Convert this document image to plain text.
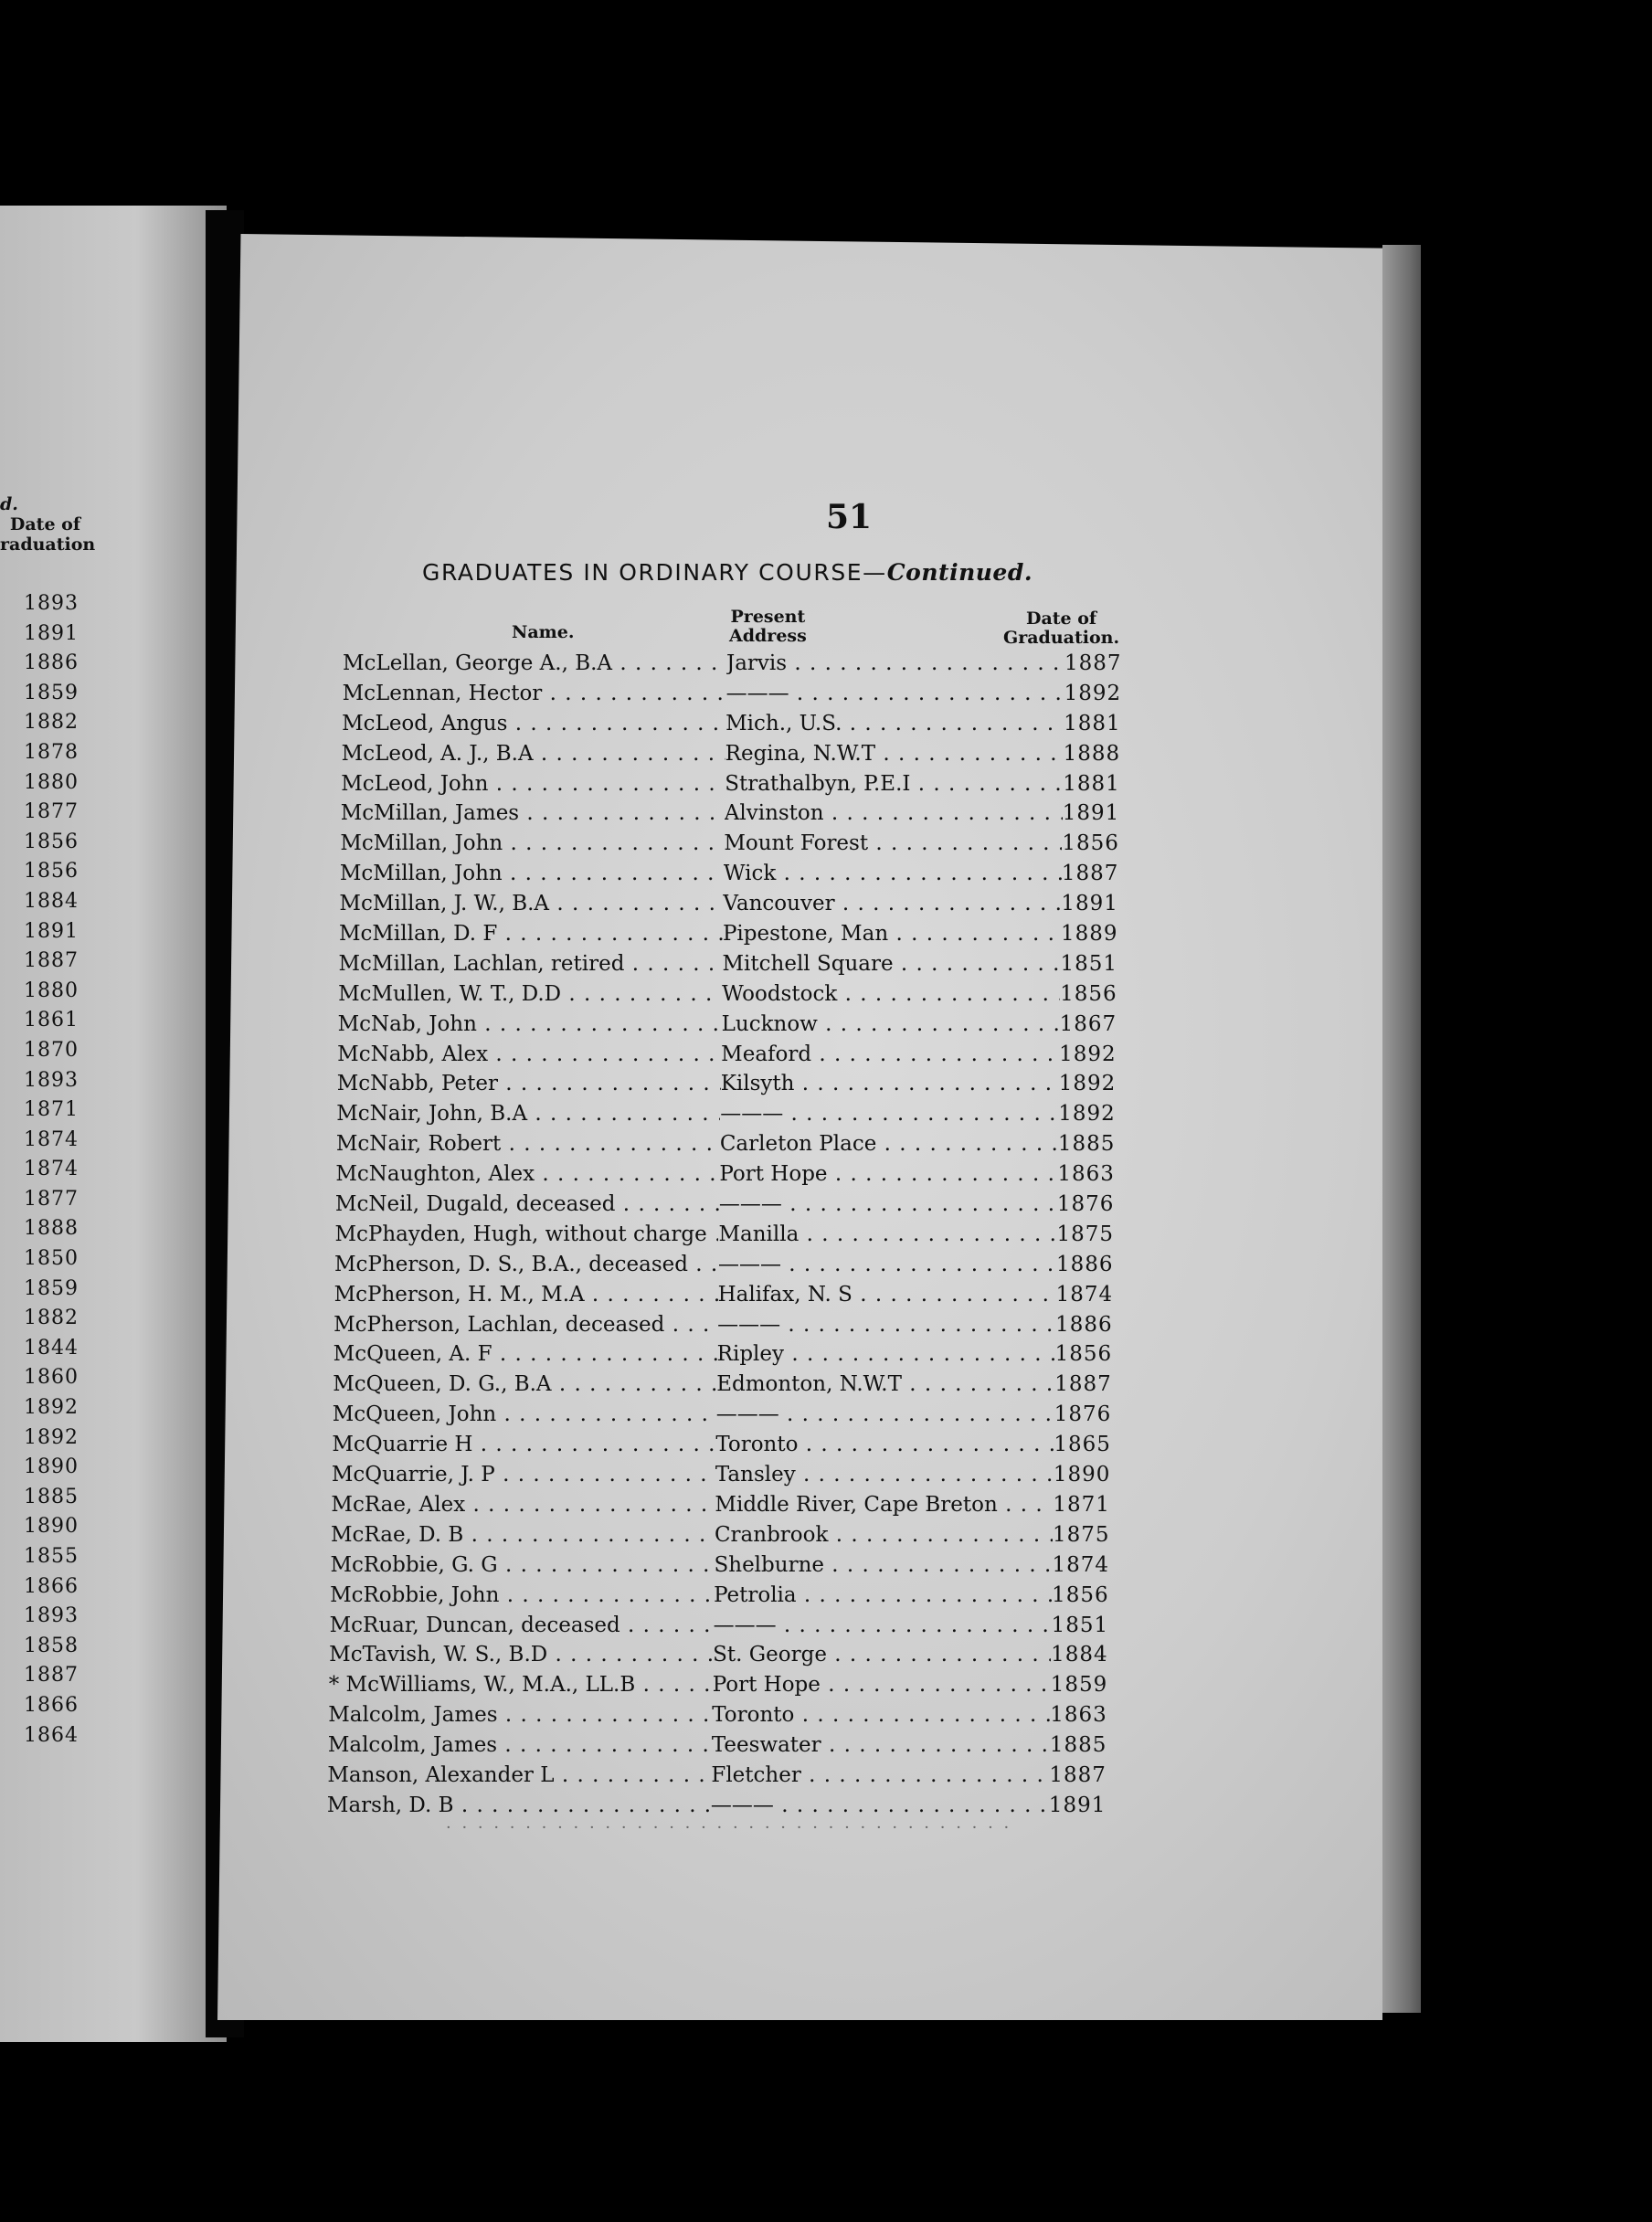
d.
Date of
raduation
1893
1891
1886
1859
1882
1878
1880
1877
1856
1856
1884
1891
1887
1880
1861
1870
1893
1871
1874
1874
1877
1888
1850
1859
1882
1844
1860
1892
1892
1890
1885
1890
1855
1866
1893
1858
1887
1866
1864
51
GRADUATES IN ORDINARY COURSE—Continued.
Name.
Present
Address
Date of
Graduation.
McLellan, George A., B.A . . .	Jarvis . . .	1887
McLennan, Hector . . .	——— . . .	1892
McLeod, Angus . . .	Mich., U.S. . . .	1881
McLeod, A. J., B.A . . .	Regina, N.W.T . . .	1888
McLeod, John . . .	Strathalbyn, P.E.I . . .	1881
McMillan, James . . .	Alvinston . . .	1891
McMillan, John . . .	Mount Forest . . .	1856
McMillan, John . . .	Wick . . .	1887
McMillan, J. W., B.A . . .	Vancouver . . .	1891
McMillan, D. F . . .	Pipestone, Man . . .	1889
McMillan, Lachlan, retired . . .	Mitchell Square . . .	1851
McMullen, W. T., D.D . . .	Woodstock . . .	1856
McNab, John . . .	Lucknow . . .	1867
McNabb, Alex . . .	Meaford . . .	1892
McNabb, Peter . . .	Kilsyth . . .	1892
McNair, John, B.A . . .	——— . . .	1892
McNair, Robert . . .	Carleton Place . . .	1885
McNaughton, Alex . . .	Port Hope . . .	1863
McNeil, Dugald, deceased . . .	——— . . .	1876
McPhayden, Hugh, without charge . . . Manilla . . .	1875
McPherson, D. S., B.A., deceased . . .	——— . . .	1886
McPherson, H. M., M.A . . .	Halifax, N. S . . .	1874
McPherson, Lachlan, deceased . . .	——— . . .	1886
McQueen, A. F . . .	Ripley . . .	1856
McQueen, D. G., B.A . . .	Edmonton, N.W.T . . .	1887
McQueen, John . . .	——— . . .	1876
McQuarrie H . . .	Toronto . . .	1865
McQuarrie, J. P . . .	Tansley . . .	1890
McRae, Alex . . .	Middle River, Cape Breton . . .	1871
McRae, D. B . . .	Cranbrook . . .	1875
McRobbie, G. G . . .	Shelburne . . .	1874
McRobbie, John . . .	Petrolia . . .	1856
McRuar, Duncan, deceased . . .	——— . . .	1851
McTavish, W. S., B.D . . .	St. George . . .	1884
* McWilliams, W., M.A., LL.B . . .	Port Hope . . .	1859
Malcolm, James . . .	Toronto . . .	1863
Malcolm, James . . .	Teeswater . . .	1885
Manson, Alexander L . . .	Fletcher . . .	1887
Marsh, D. B . . .	——— . . .	1891
· · · · · · · · · · · · · · · · · · · · · · · · · · · · · · · · · · · ·
